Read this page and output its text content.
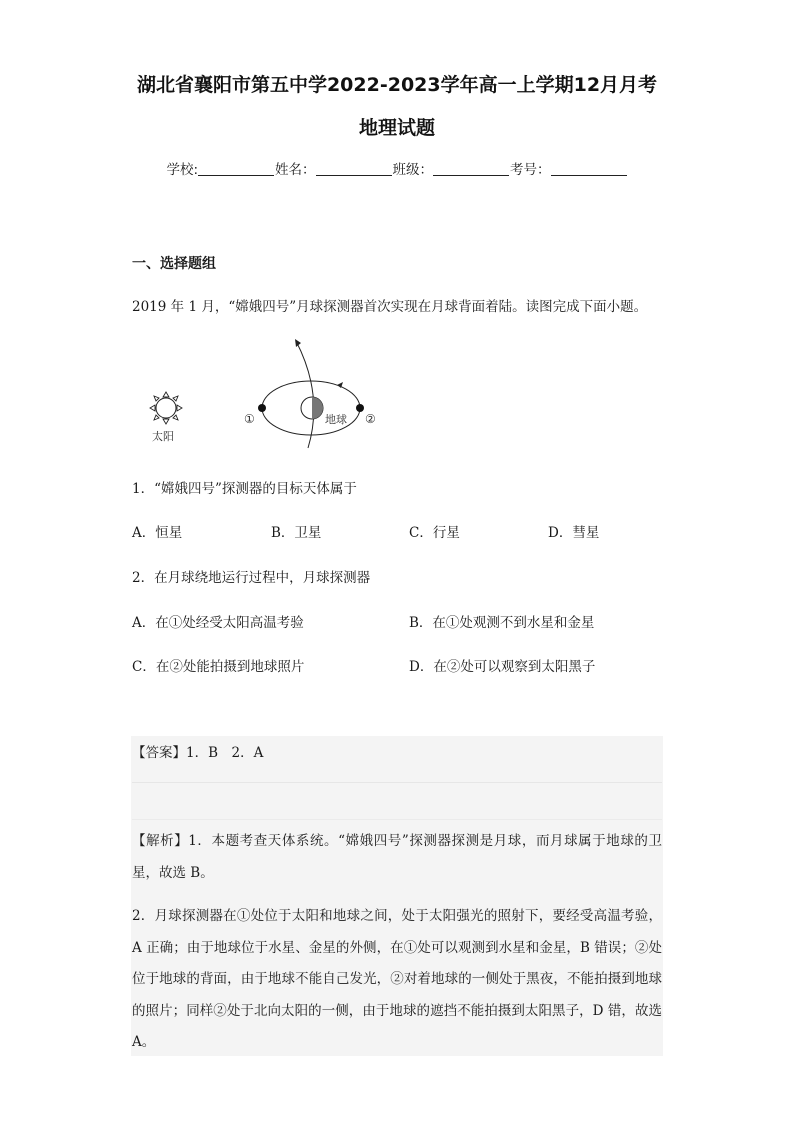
湖北省襄阳市第五中学2022-2023学年高一上学期12月月考
地理试题
学校:	姓名：	班级：	考号：
一、选择题组
2019 年 1 月，“嫦娥四号”月球探测器首次实现在月球背面着陆。读图完成下面小题。
太阳
地球
①	②
1．“嫦娥四号”探测器的目标天体属于
A．恒星	B．卫星	C．行星	D．彗星
2．在月球绕地运行过程中，月球探测器
A．在①处经受太阳高温考验	B．在①处观测不到水星和金星
C．在②处能拍摄到地球照片	D．在②处可以观察到太阳黑子
【答案】1．B　2．A
【解析】1．本题考查天体系统。“嫦娥四号”探测器探测是月球，而月球属于地球的卫星，故选 B。
2．月球探测器在①处位于太阳和地球之间，处于太阳强光的照射下，要经受高温考验，A 正确；由于地球位于水星、金星的外侧，在①处可以观测到水星和金星，B 错误；②处位于地球的背面，由于地球不能自己发光，②对着地球的一侧处于黑夜，不能拍摄到地球的照片；同样②处于北向太阳的一侧，由于地球的遮挡不能拍摄到太阳黑子，D 错，故选 A。
